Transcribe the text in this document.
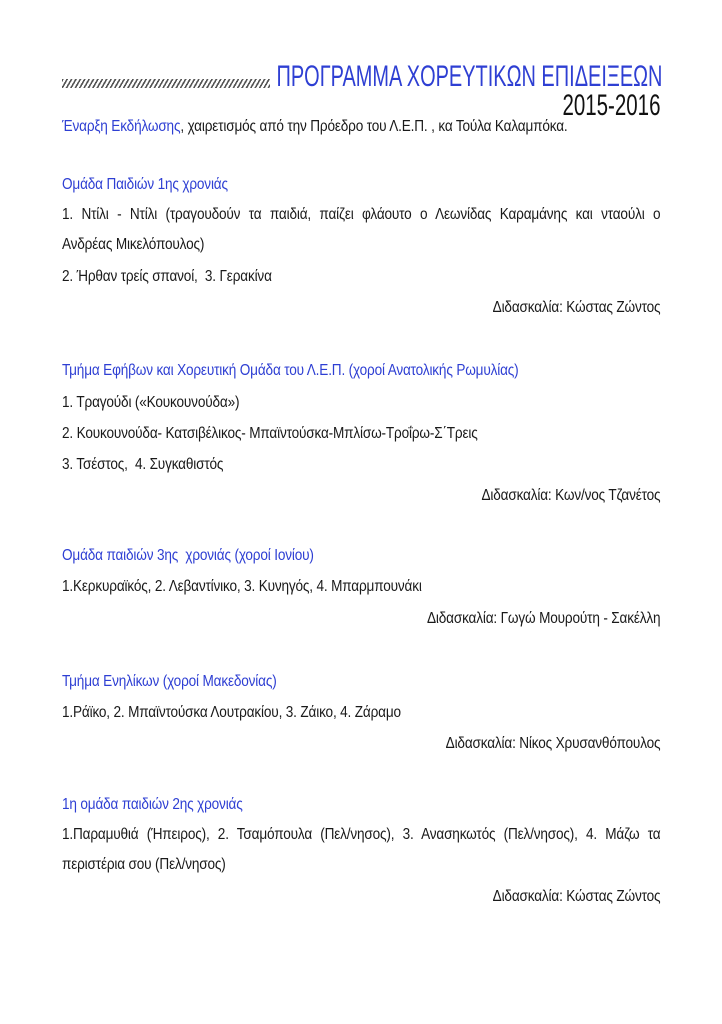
ΠΡΟΓΡΑΜΜΑ ΧΟΡΕΥΤΙΚΩΝ ΕΠΙΔΕΙΞΕΩΝ
2015-2016
Έναρξη Εκδήλωσης, χαιρετισμός από την Πρόεδρο του Λ.Ε.Π. , κα Τούλα Καλαμπόκα.
Ομάδα Παιδιών 1ης χρονιάς
1. Ντίλι - Ντίλι (τραγουδούν τα παιδιά, παίζει φλάουτο ο Λεωνίδας Καραμάνης και νταούλι ο
Ανδρέας Μικελόπουλος)
2. Ήρθαν τρείς σπανοί,  3. Γερακίνα
Διδασκαλία: Κώστας Ζώντος
Τμήμα Εφήβων και Χορευτική Ομάδα του Λ.Ε.Π. (χοροί Ανατολικής Ρωμυλίας)
1. Τραγούδι («Κουκουνούδα»)
2. Κουκουνούδα- Κατσιβέλικος- Μπαϊντούσκα-Μπλίσω-Τροΐρω-Σ΄Τρεις
3. Τσέστος,  4. Συγκαθιστός
Διδασκαλία: Κων/νος Τζανέτος
Ομάδα παιδιών 3ης  χρονιάς (χοροί Ιονίου)
1.Κερκυραϊκός, 2. Λεβαντίνικο, 3. Κυνηγός, 4. Μπαρμπουνάκι
Διδασκαλία: Γωγώ Μουρούτη - Σακέλλη
Τμήμα Ενηλίκων (χοροί Μακεδονίας)
1.Ράϊκο, 2. Μπαϊντούσκα Λουτρακίου, 3. Ζάικο, 4. Ζάραμο
Διδασκαλία: Νίκος Χρυσανθόπουλος
1η ομάδα παιδιών 2ης χρονιάς
1.Παραμυθιά (Ήπειρος), 2. Τσαμόπουλα (Πελ/νησος), 3. Ανασηκωτός (Πελ/νησος), 4. Μάζω τα
περιστέρια σου (Πελ/νησος)
Διδασκαλία: Κώστας Ζώντος
